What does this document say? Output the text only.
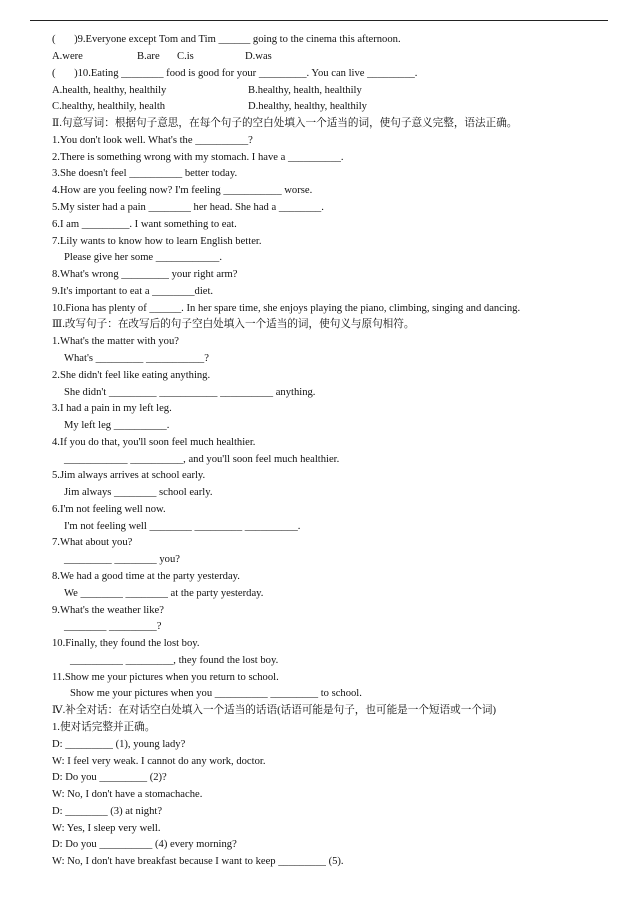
(       )9.Everyone except Tom and Tim ______ going to the cinema this afternoon.
A.were	B.are C.is	D.was
(       )10.Eating ________ food is good for your _________. You can live _________.
A.health, healthy, healthily	B.healthy, health, healthily
C.healthy, healthily, health	D.healthy, healthy, healthily
Ⅱ.句意写词：根据句子意思，在每个句子的空白处填入一个适当的词，使句子意义完整，语法正确。
1.You don't look well. What's the __________?
2.There is something wrong with my stomach. I have a __________.
3.She doesn't feel __________ better today.
4.How are you feeling now? I'm feeling ___________ worse.
5.My sister had a pain ________ her head. She had a ________.
6.I am _________. I want something to eat.
7.Lily wants to know how to learn English better.
Please give her some ____________.
8.What's wrong _________ your right arm?
9.It's important to eat a ________diet.
10.Fiona has plenty of ______. In her spare time, she enjoys playing the piano, climbing, singing and dancing.
Ⅲ.改写句子：在改写后的句子空白处填入一个适当的词，使句义与原句相符。
1.What's the matter with you?
What's _________ ___________?
2.She didn't feel like eating anything.
She didn't _________ ___________ __________ anything.
3.I had a pain in my left leg.
My left leg __________.
4.If you do that, you'll soon feel much healthier.
____________ __________, and you'll soon feel much healthier.
5.Jim always arrives at school early.
Jim always ________ school early.
6.I'm not feeling well now.
I'm not feeling well ________ _________ __________.
7.What about you?
_________ ________ you?
8.We had a good time at the party yesterday.
We ________ ________ at the party yesterday.
9.What's the weather like?
________ _________?
10.Finally, they found the lost boy.
__________ _________, they found the lost boy.
11.Show me your pictures when you return to school.
Show me your pictures when you __________ _________ to school.
Ⅳ.补全对话：在对话空白处填入一个适当的话语(话语可能是句子，也可能是一个短语或一个词)
1.使对话完整并正确。
D: _________ (1), young lady?
W: I feel very weak. I cannot do any work, doctor.
D: Do you _________ (2)?
W: No, I don't have a stomachache.
D: ________ (3) at night?
W: Yes, I sleep very well.
D: Do you __________ (4) every morning?
W: No, I don't have breakfast because I want to keep _________ (5).
